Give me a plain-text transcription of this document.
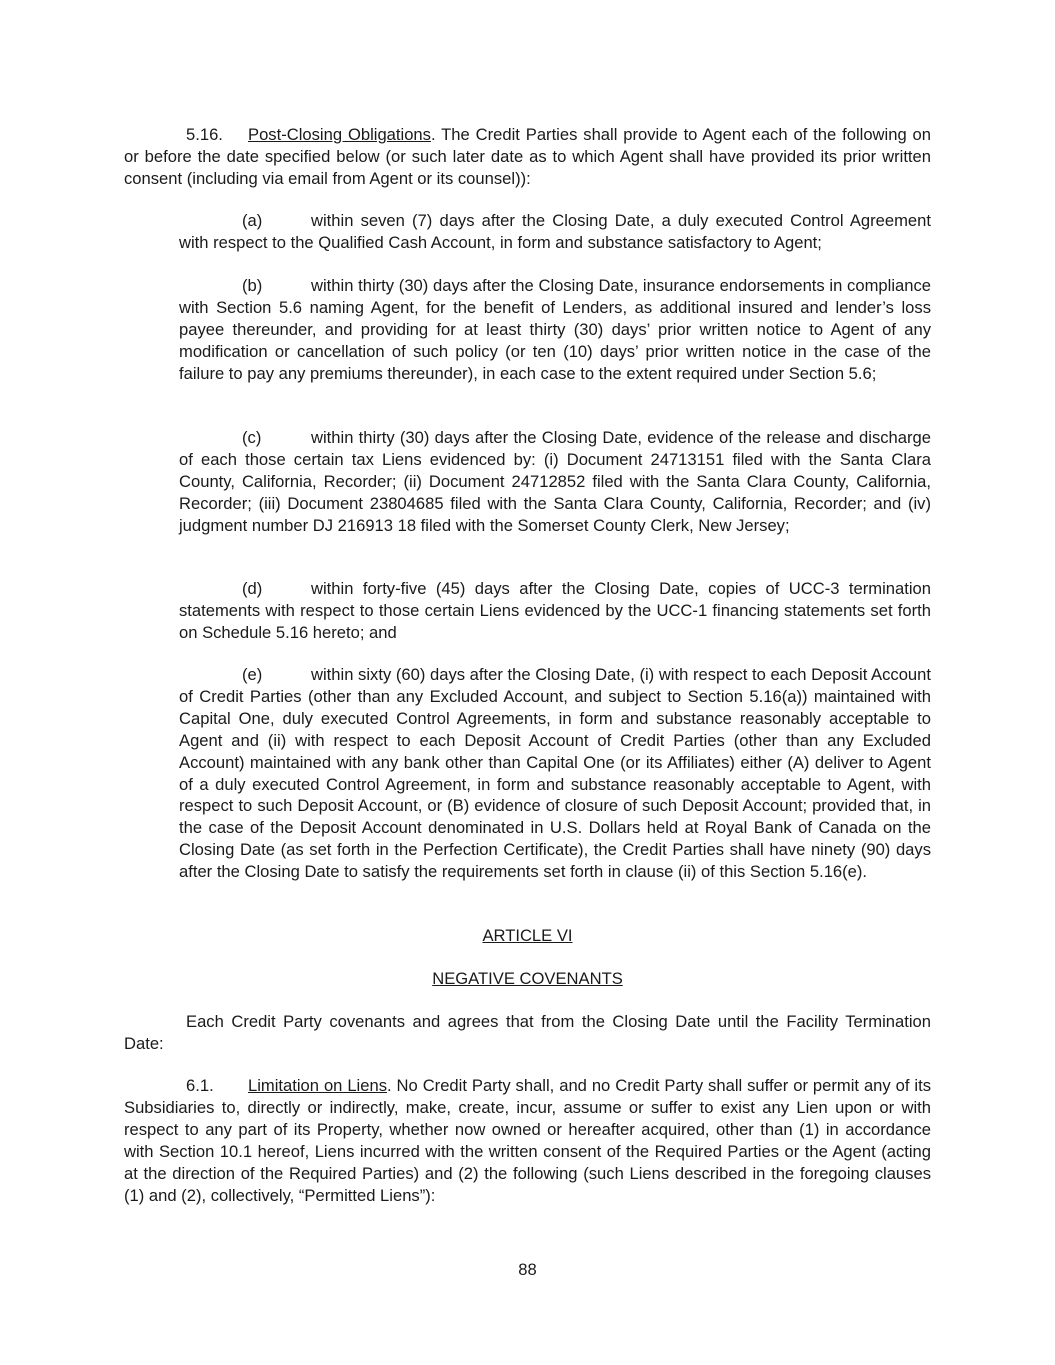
5.16. Post-Closing Obligations. The Credit Parties shall provide to Agent each of the following on or before the date specified below (or such later date as to which Agent shall have provided its prior written consent (including via email from Agent or its counsel)):

(a)	within seven (7) days after the Closing Date, a duly executed Control Agreement with respect to the Qualified Cash Account, in form and substance satisfactory to Agent;

(b)	within thirty (30) days after the Closing Date, insurance endorsements in compliance with Section 5.6 naming Agent, for the benefit of Lenders, as additional insured and lender’s loss payee thereunder, and providing for at least thirty (30) days’ prior written notice to Agent of any modification or cancellation of such policy (or ten (10) days’ prior written notice in the case of the failure to pay any premiums thereunder), in each case to the extent required under Section 5.6;

(c)	within thirty (30) days after the Closing Date, evidence of the release and discharge of each those certain tax Liens evidenced by: (i) Document 24713151 filed with the Santa Clara County, California, Recorder; (ii) Document 24712852 filed with the Santa Clara County, California, Recorder; (iii) Document 23804685 filed with the Santa Clara County, California, Recorder; and (iv) judgment number DJ 216913 18 filed with the Somerset County Clerk, New Jersey;

(d)	within forty-five (45) days after the Closing Date, copies of UCC-3 termination statements with respect to those certain Liens evidenced by the UCC-1 financing statements set forth on Schedule 5.16 hereto; and

(e)	within sixty (60) days after the Closing Date, (i) with respect to each Deposit Account of Credit Parties (other than any Excluded Account, and subject to Section 5.16(a)) maintained with Capital One, duly executed Control Agreements, in form and substance reasonably acceptable to Agent and (ii) with respect to each Deposit Account of Credit Parties (other than any Excluded Account) maintained with any bank other than Capital One (or its Affiliates) either (A) deliver to Agent of a duly executed Control Agreement, in form and substance reasonably acceptable to Agent, with respect to such Deposit Account, or (B) evidence of closure of such Deposit Account; provided that, in the case of the Deposit Account denominated in U.S. Dollars held at Royal Bank of Canada on the Closing Date (as set forth in the Perfection Certificate), the Credit Parties shall have ninety (90) days after the Closing Date to satisfy the requirements set forth in clause (ii) of this Section 5.16(e).

ARTICLE VI

NEGATIVE COVENANTS

Each Credit Party covenants and agrees that from the Closing Date until the Facility Termination Date:

6.1. Limitation on Liens. No Credit Party shall, and no Credit Party shall suffer or permit any of its Subsidiaries to, directly or indirectly, make, create, incur, assume or suffer to exist any Lien upon or with respect to any part of its Property, whether now owned or hereafter acquired, other than (1) in accordance with Section 10.1 hereof, Liens incurred with the written consent of the Required Parties or the Agent (acting at the direction of the Required Parties) and (2) the following (such Liens described in the foregoing clauses (1) and (2), collectively, “Permitted Liens”):

88
